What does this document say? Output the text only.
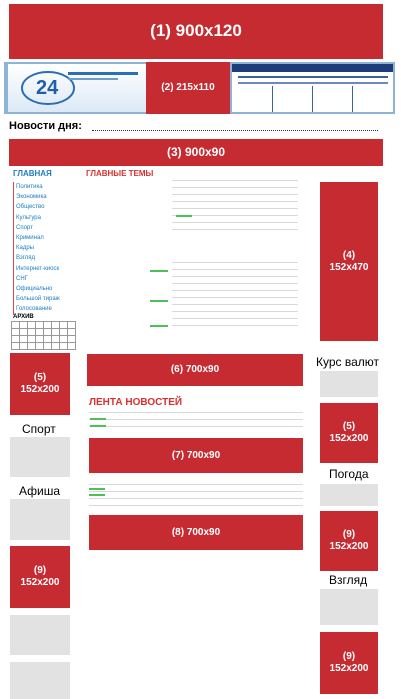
(1) 900x120
24	(2) 215x110
Новости дня:
(3) 900x90
ГЛАВНАЯ
Политика
Экономика
Общество
Культура
Спорт
Криминал
Кадры
Взгляд
Интернет-киоск
СНГ
Официально
Большой тираж
Голосование
АРХИВ
ГЛАВНЫЕ ТЕМЫ
(4)
152x470
(5)
152x200
Спорт
Афиша
(9)
152x200
(6) 700x90
ЛЕНТА НОВОСТЕЙ
(7) 700x90
(8) 700x90
Курс валют
(5)
152x200
Погода
(9)
152x200
Взгляд
(9)
152x200
